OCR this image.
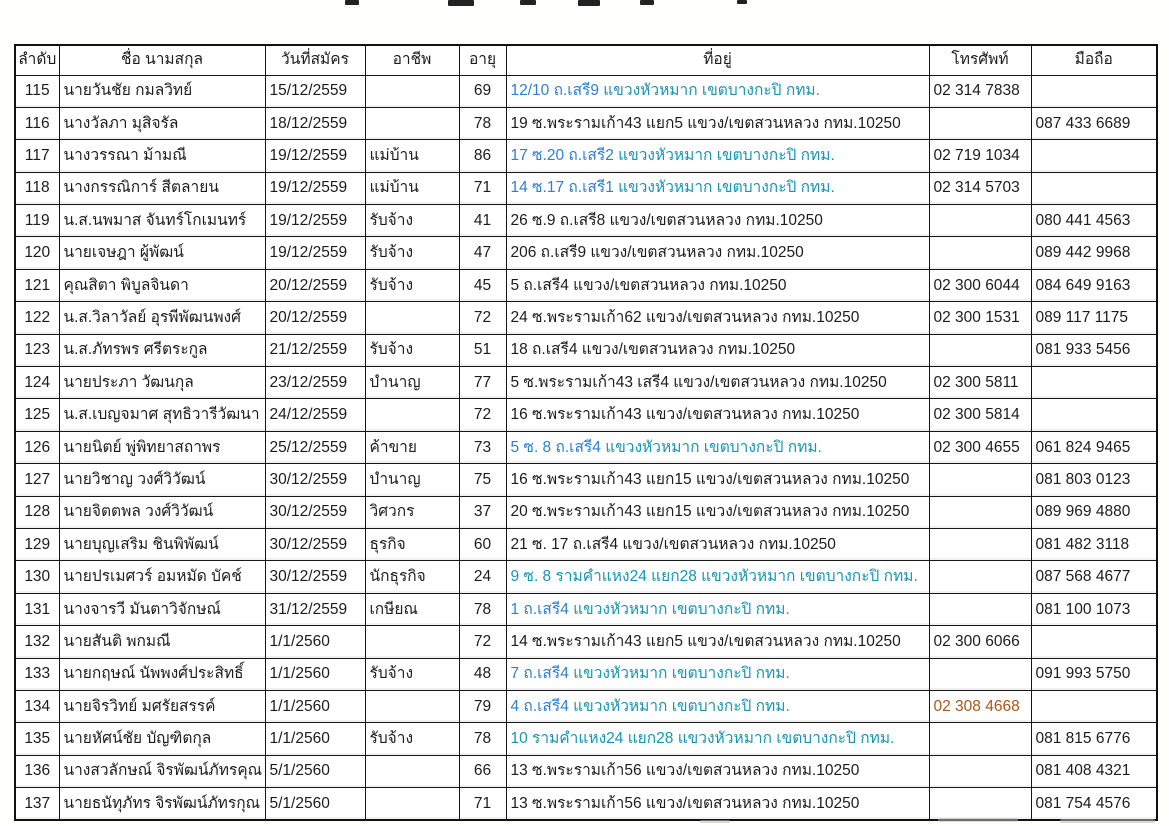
ลำดับ	ชื่อ นามสกุล	วันที่สมัคร	อาชีพ	อายุ	ที่อยู่	โทรศัพท์	มือถือ
115	นายวันชัย กมลวิทย์	15/12/2559		69	12/10 ถ.เสรี9 แขวงหัวหมาก เขตบางกะปิ กทม.	02 314 7838	
116	นางวัลภา มุสิจรัล	18/12/2559		78	19 ซ.พระรามเก้า43 แยก5 แขวง/เขตสวนหลวง กทม.10250		087 433 6689
117	นางวรรณา ม้ามณี	19/12/2559	แม่บ้าน	86	17 ซ.20 ถ.เสรี2 แขวงหัวหมาก เขตบางกะปิ กทม.	02 719 1034	
118	นางกรรณิการ์ สีตลายน	19/12/2559	แม่บ้าน	71	14 ซ.17 ถ.เสรี1 แขวงหัวหมาก เขตบางกะปิ กทม.	02 314 5703	
119	น.ส.นพมาส จันทร์โกเมนทร์	19/12/2559	รับจ้าง	41	26 ซ.9 ถ.เสรี8 แขวง/เขตสวนหลวง กทม.10250		080 441 4563
120	นายเจษฎา ผู้พัฒน์	19/12/2559	รับจ้าง	47	206 ถ.เสรี9 แขวง/เขตสวนหลวง กทม.10250		089 442 9968
121	คุณสิตา พิบูลจินดา	20/12/2559	รับจ้าง	45	5 ถ.เสรี4 แขวง/เขตสวนหลวง กทม.10250	02 300 6044	084 649 9163
122	น.ส.วิลาวัลย์ อุรพีพัฒนพงศ์	20/12/2559		72	24 ซ.พระรามเก้า62 แขวง/เขตสวนหลวง กทม.10250	02 300 1531	089 117 1175
123	น.ส.ภัทรพร ศรีตระกูล	21/12/2559	รับจ้าง	51	18 ถ.เสรี4 แขวง/เขตสวนหลวง กทม.10250		081 933 5456
124	นายประภา วัฒนกุล	23/12/2559	บำนาญ	77	5 ซ.พระรามเก้า43 เสรี4 แขวง/เขตสวนหลวง กทม.10250	02 300 5811	
125	น.ส.เบญจมาศ สุทธิวารีวัฒนา	24/12/2559		72	16 ซ.พระรามเก้า43 แขวง/เขตสวนหลวง กทม.10250	02 300 5814	
126	นายนิตย์ พู่พิทยาสถาพร	25/12/2559	ค้าขาย	73	5 ซ. 8 ถ.เสรี4 แขวงหัวหมาก เขตบางกะปิ กทม.	02 300 4655	061 824 9465
127	นายวิชาญ วงศ์วิวัฒน์	30/12/2559	บำนาญ	75	16 ซ.พระรามเก้า43 แยก15 แขวง/เขตสวนหลวง กทม.10250		081 803 0123
128	นายจิตตพล วงศ์วิวัฒน์	30/12/2559	วิศวกร	37	20 ซ.พระรามเก้า43 แยก15 แขวง/เขตสวนหลวง กทม.10250		089 969 4880
129	นายบุญเสริม ชินพิพัฒน์	30/12/2559	ธุรกิจ	60	21 ซ. 17 ถ.เสรี4 แขวง/เขตสวนหลวง กทม.10250		081 482 3118
130	นายปรเมศวร์ อมหมัด บัคช์	30/12/2559	นักธุรกิจ	24	9 ซ. 8 รามคำแหง24 แยก28 แขวงหัวหมาก เขตบางกะปิ กทม.		087 568 4677
131	นางจารวี มันตาวิจักษณ์	31/12/2559	เกษียณ	78	1 ถ.เสรี4 แขวงหัวหมาก เขตบางกะปิ กทม.		081 100 1073
132	นายสันติ พกมณี	1/1/2560		72	14 ซ.พระรามเก้า43 แยก5 แขวง/เขตสวนหลวง กทม.10250	02 300 6066	
133	นายกฤษณ์ นัพพงศ์ประสิทธิ์	1/1/2560	รับจ้าง	48	7 ถ.เสรี4 แขวงหัวหมาก เขตบางกะปิ กทม.		091 993 5750
134	นายจิรวิทย์ มศรัยสรรค์	1/1/2560		79	4 ถ.เสรี4 แขวงหัวหมาก เขตบางกะปิ กทม.	02 308 4668	
135	นายหัศน์ชัย บัญฑิตกุล	1/1/2560	รับจ้าง	78	10 รามคำแหง24 แยก28 แขวงหัวหมาก เขตบางกะปิ กทม.		081 815 6776
136	นางสวลักษณ์ จิรพัฒน์ภัทรคุณ	5/1/2560		66	13 ซ.พระรามเก้า56 แขวง/เขตสวนหลวง กทม.10250		081 408 4321
137	นายธนัทุภัทร จิรพัฒน์ภัทรกุณ	5/1/2560		71	13 ซ.พระรามเก้า56 แขวง/เขตสวนหลวง กทม.10250		081 754 4576
